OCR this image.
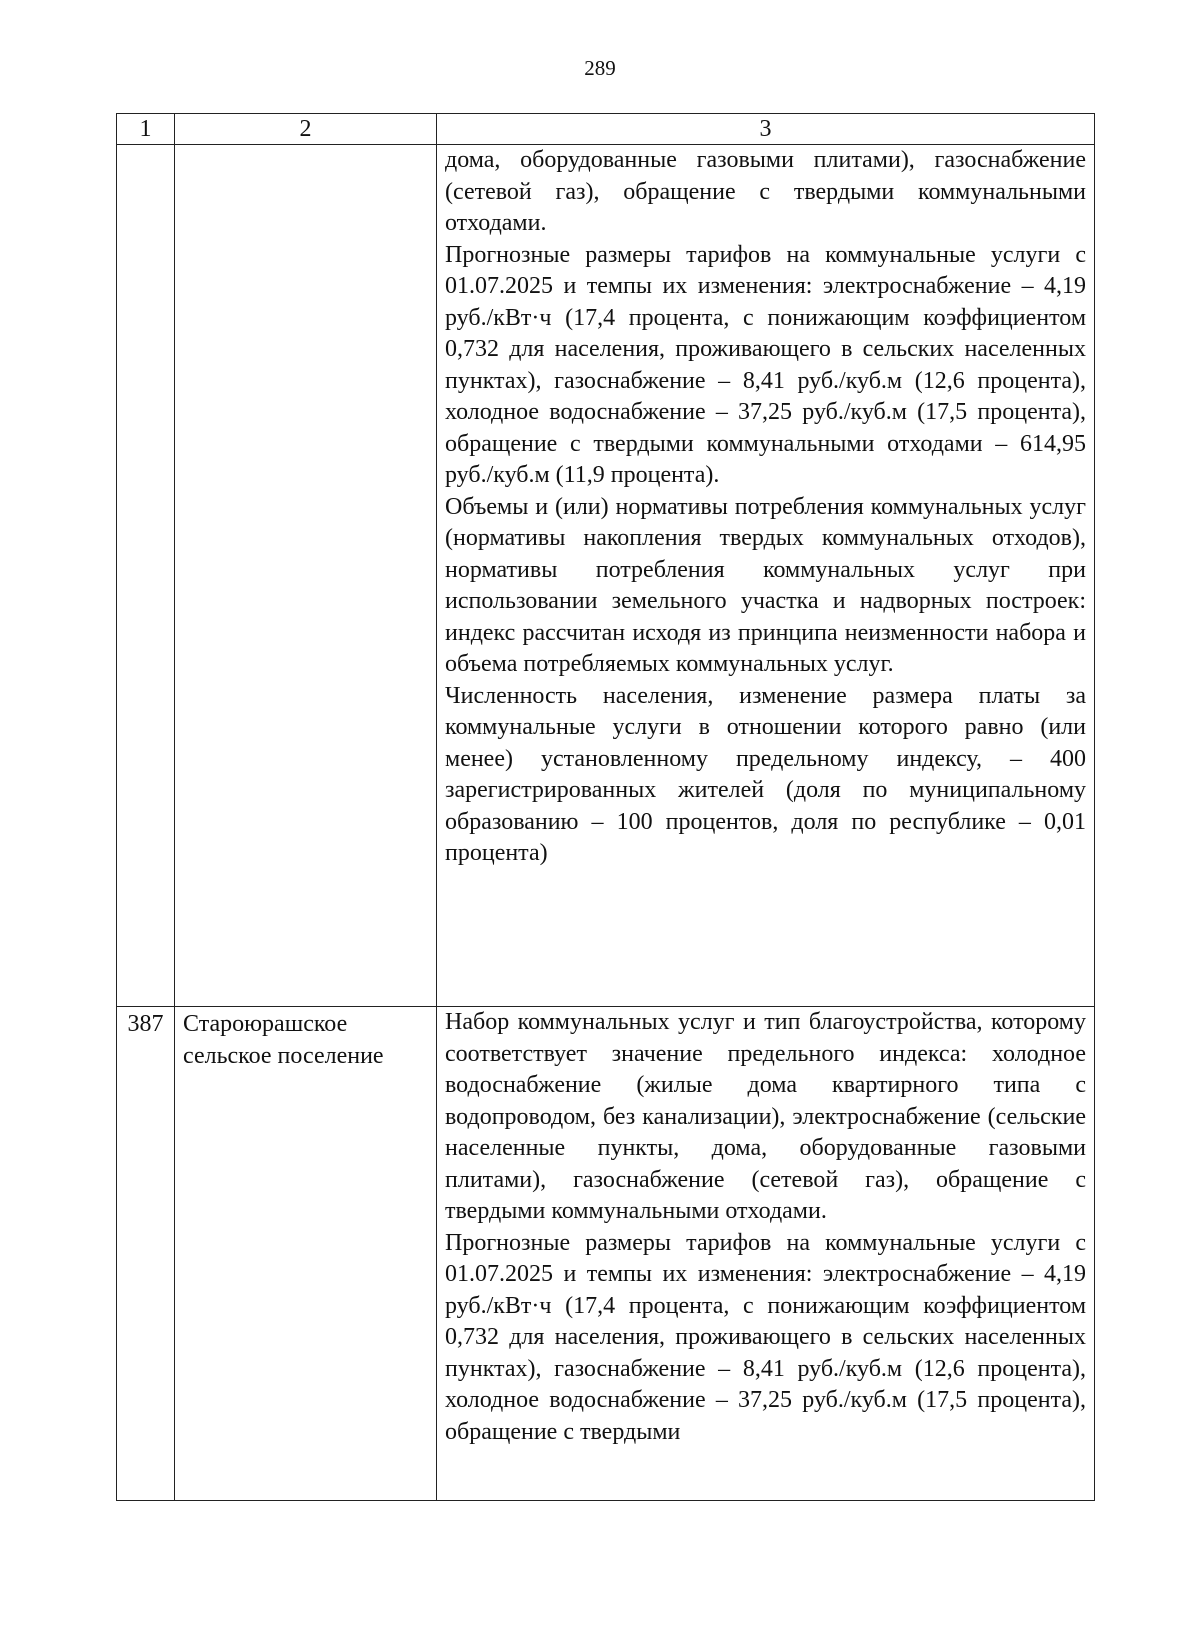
289
1	2	3

		дома, оборудованные газовыми плитами), газоснабжение (сетевой газ), обращение с твердыми коммунальными отходами.

Прогнозные размеры тарифов на коммунальные услуги с 01.07.2025 и темпы их изменения: электроснабжение – 4,19 руб./кВт·ч (17,4 процента, с понижающим коэффициентом 0,732 для населения, проживающего в сельских населенных пунктах), газоснабжение – 8,41 руб./куб.м (12,6 процента), холодное водоснабжение – 37,25 руб./куб.м (17,5 процента), обращение с твердыми коммунальными отходами – 614,95 руб./куб.м (11,9 процента).

Объемы и (или) нормативы потребления коммунальных услуг (нормативы накопления твердых коммунальных отходов), нормативы потребления коммунальных услуг при использовании земельного участка и надворных построек: индекс рассчитан исходя из принципа неизменности набора и объема потребляемых коммунальных услуг.

Численность населения, изменение размера платы за коммунальные услуги в отношении которого равно (или менее) установленному предельному индексу, – 400 зарегистрированных жителей (доля по муниципальному образованию – 100 процентов, доля по республике – 0,01 процента)

387	Староюрашское сельское поселение	Набор коммунальных услуг и тип благоустройства, которому соответствует значение предельного индекса: холодное водоснабжение (жилые дома квартирного типа с водопроводом, без канализации), электроснабжение (сельские населенные пункты, дома, оборудованные газовыми плитами), газоснабжение (сетевой газ), обращение с твердыми коммунальными отходами.

Прогнозные размеры тарифов на коммунальные услуги с 01.07.2025 и темпы их изменения: электроснабжение – 4,19 руб./кВт·ч (17,4 процента, с понижающим коэффициентом 0,732 для населения, проживающего в сельских населенных пунктах), газоснабжение – 8,41 руб./куб.м (12,6 процента), холодное водоснабжение – 37,25 руб./куб.м (17,5 процента), обращение с твердыми
